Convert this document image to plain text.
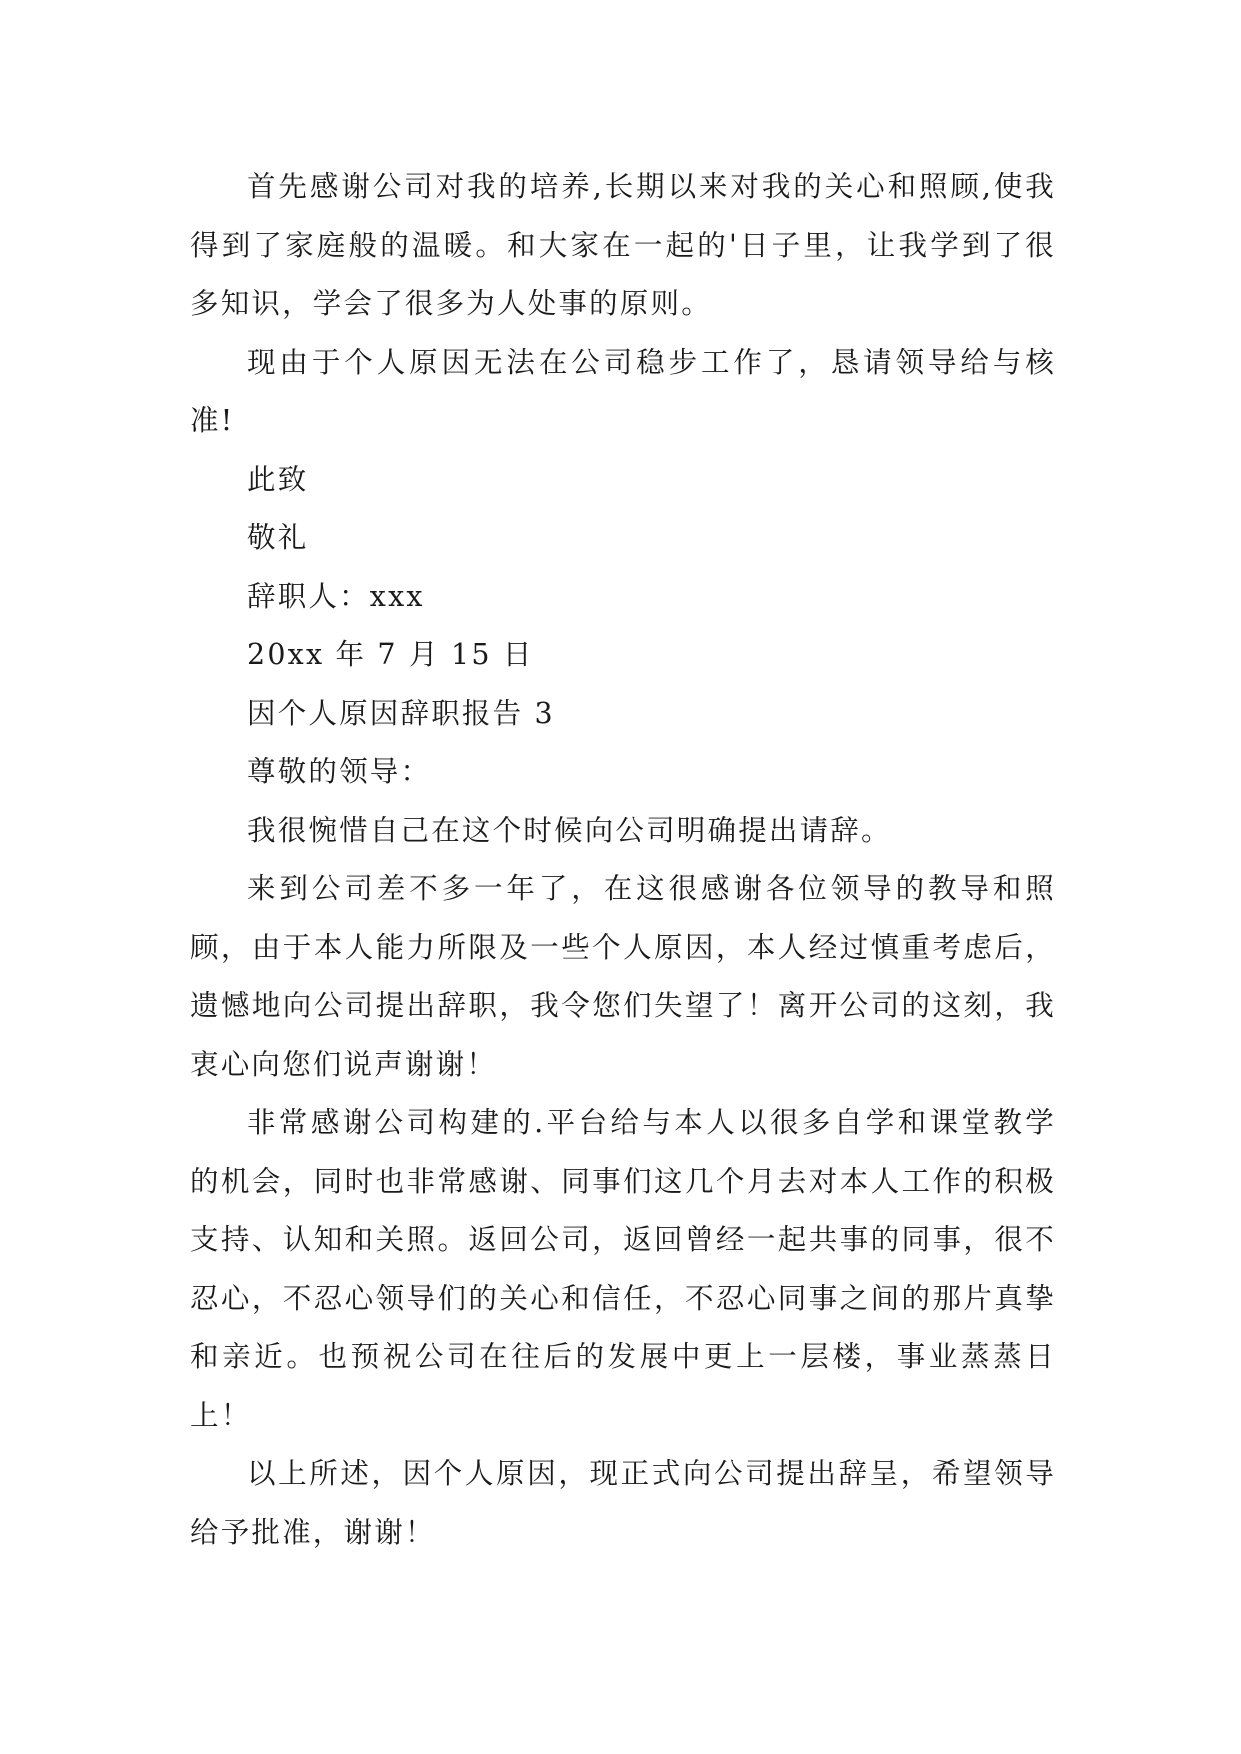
首先感谢公司对我的培养,长期以来对我的关心和照顾,使我得到了家庭般的温暖。和大家在一起的'日子里，让我学到了很多知识，学会了很多为人处事的原则。

现由于个人原因无法在公司稳步工作了，恳请领导给与核准!

此致

敬礼

辞职人：xxx

20xx 年 7 月 15 日

因个人原因辞职报告 3

尊敬的领导：

我很惋惜自己在这个时候向公司明确提出请辞。

来到公司差不多一年了，在这很感谢各位领导的教导和照顾，由于本人能力所限及一些个人原因，本人经过慎重考虑后，遗憾地向公司提出辞职，我令您们失望了！离开公司的这刻，我衷心向您们说声谢谢！

非常感谢公司构建的.平台给与本人以很多自学和课堂教学的机会，同时也非常感谢、同事们这几个月去对本人工作的积极支持、认知和关照。返回公司，返回曾经一起共事的同事，很不忍心，不忍心领导们的关心和信任，不忍心同事之间的那片真挚和亲近。也预祝公司在往后的发展中更上一层楼，事业蒸蒸日上！

以上所述，因个人原因，现正式向公司提出辞呈，希望领导给予批准，谢谢！
